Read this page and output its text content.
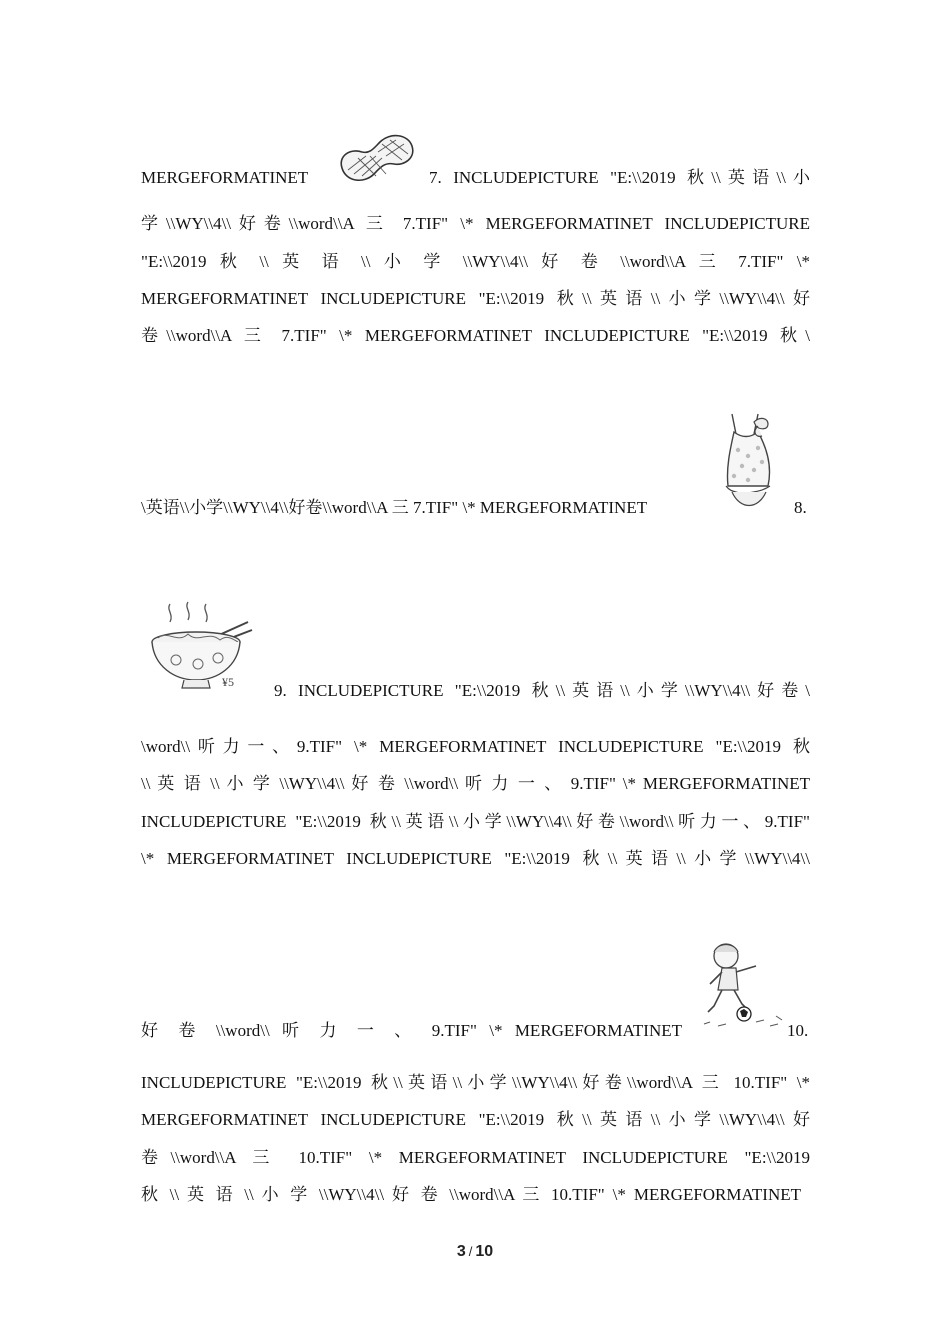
MERGEFORMATINET	7. INCLUDEPICTURE "E:\\2019 秋\\英语\\小
学\\WY\\4\\好卷\\word\\A 三 7.TIF" \* MERGEFORMATINET INCLUDEPICTURE
"E:\\2019 秋 \\ 英 语 \\ 小 学 \\WY\\4\\ 好 卷 \\word\\A 三 7.TIF" \*
MERGEFORMATINET INCLUDEPICTURE "E:\\2019 秋\\英语\\小学\\WY\\4\\好
卷\\word\\A 三 7.TIF" \* MERGEFORMATINET INCLUDEPICTURE "E:\\2019 秋\
\英语\\小学\\WY\\4\\好卷\\word\\A 三 7.TIF" \* MERGEFORMATINET	8.
¥5 9. INCLUDEPICTURE "E:\\2019 秋\\英语\\小学\\WY\\4\\好卷\
\word\\听力一、9.TIF" \* MERGEFORMATINET INCLUDEPICTURE "E:\\2019 秋
\\ 英 语 \\ 小 学 \\WY\\4\\ 好 卷 \\word\\ 听 力 一 、 9.TIF" \* MERGEFORMATINET
INCLUDEPICTURE "E:\\2019 秋\\英语\\小学\\WY\\4\\好卷\\word\\听力一、9.TIF"
\* MERGEFORMATINET INCLUDEPICTURE "E:\\2019 秋\\英语\\小学\\WY\\4\\
好 卷 \\word\\ 听 力 一 、 9.TIF" \* MERGEFORMATINET	10.
INCLUDEPICTURE "E:\\2019 秋\\英语\\小学\\WY\\4\\好卷\\word\\A 三 10.TIF" \*
MERGEFORMATINET INCLUDEPICTURE "E:\\2019 秋\\英语\\小学\\WY\\4\\好
卷\\word\\A 三 10.TIF" \* MERGEFORMATINET INCLUDEPICTURE "E:\\2019
秋 \\ 英 语 \\ 小 学 \\WY\\4\\ 好 卷 \\word\\A 三 10.TIF" \* MERGEFORMATINET
3 / 10
